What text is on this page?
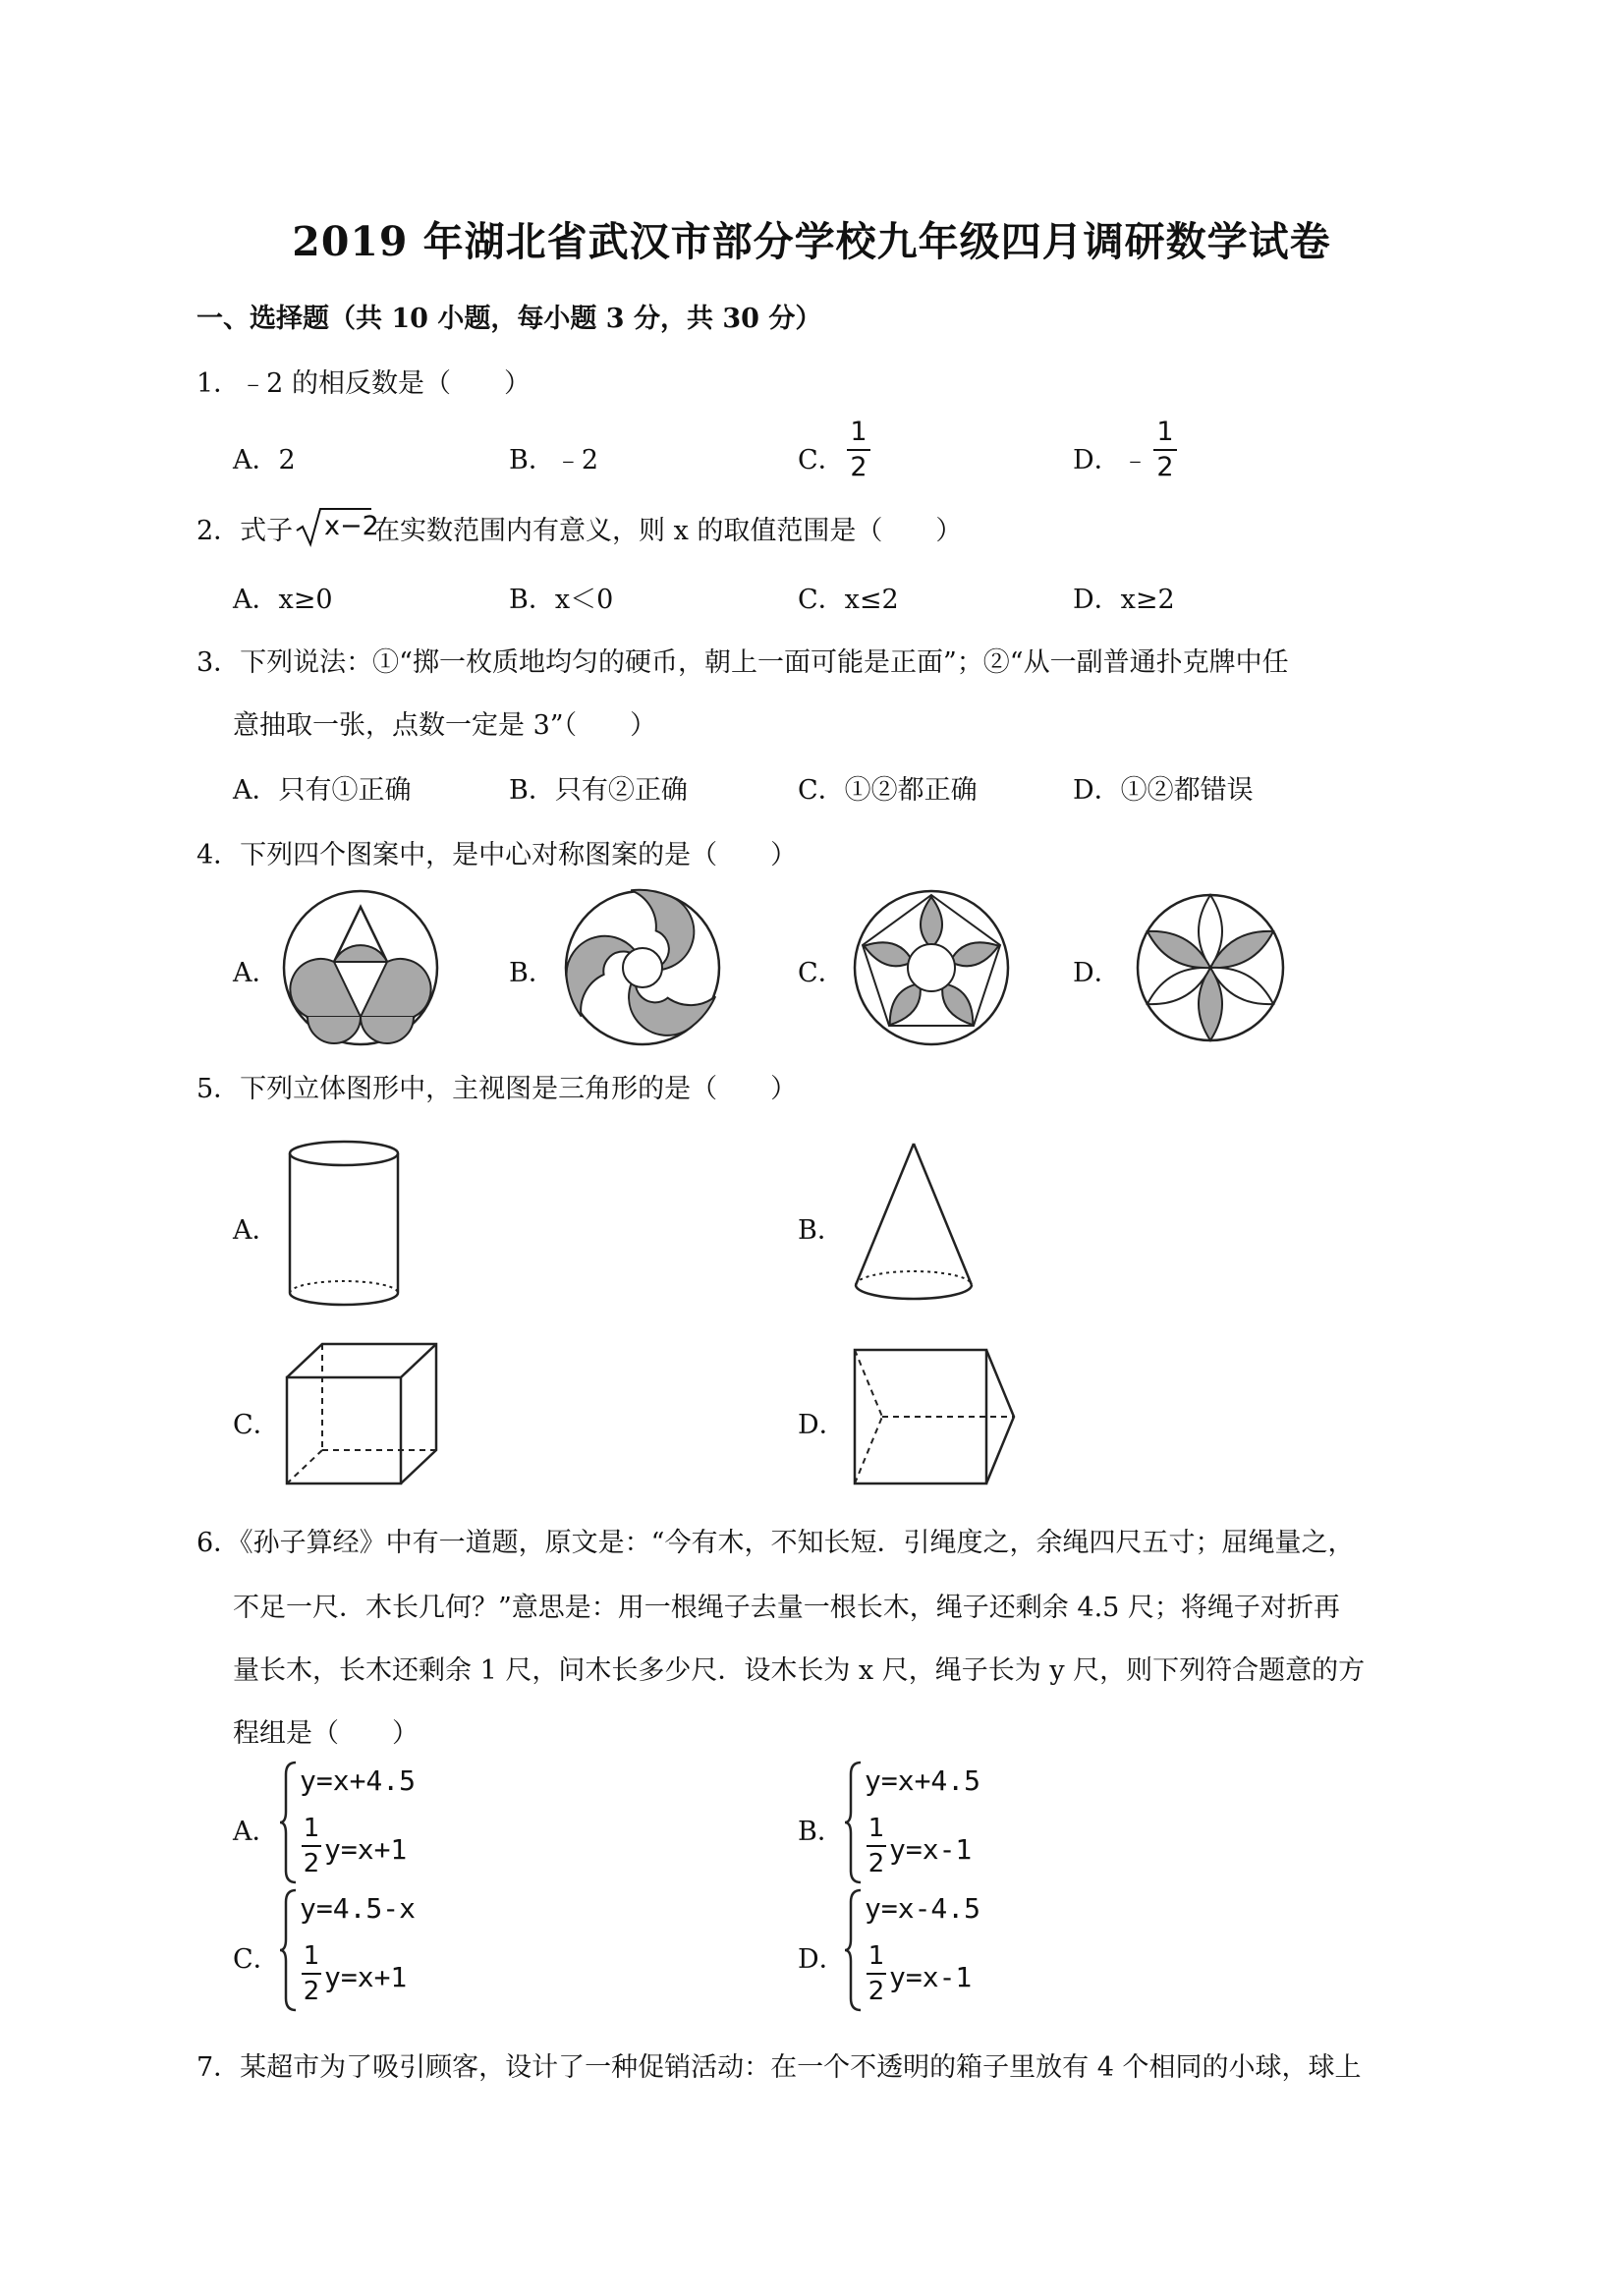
2019 年湖北省武汉市部分学校九年级四月调研数学试卷
一、选择题（共 10 小题，每小题 3 分，共 30 分）
1．﹣2 的相反数是（　　）
A．2	B．﹣2	C．
1
2	D． ﹣
1
2
2．式子 x−2
在实数范围内有意义，则 x 的取值范围是（　　）
A．x≥0	B．x＜0	C．x≤2	D．x≥2
3．下列说法：①“掷一枚质地均匀的硬币，朝上一面可能是正面”；②“从一副普通扑克牌中任
意抽取一张，点数一定是 3”（　　）
A．只有①正确	B．只有②正确	C．①②都正确	D．①②都错误
4．下列四个图案中，是中心对称图案的是（　　）
A．	B．	C．	D．
5．下列立体图形中，主视图是三角形的是（　　）
A．	B．
C．	D．
6．《孙子算经》中有一道题，原文是：“今有木，不知长短．引绳度之，余绳四尺五寸；屈绳量之，
不足一尺．木长几何？”意思是：用一根绳子去量一根长木，绳子还剩余 4.5 尺；将绳子对折再
量长木，长木还剩余 1 尺，问木长多少尺．设木长为 x 尺，绳子长为 y 尺，则下列符合题意的方
程组是（　　）
A．
y=x+4.5
1
2 y=x+1
B．
y=x+4.5
1
2 y=x-1
C．
y=4.5-x
1
2 y=x+1
D．
y=x-4.5
1
2 y=x-1
7．某超市为了吸引顾客，设计了一种促销活动：在一个不透明的箱子里放有 4 个相同的小球，球上
